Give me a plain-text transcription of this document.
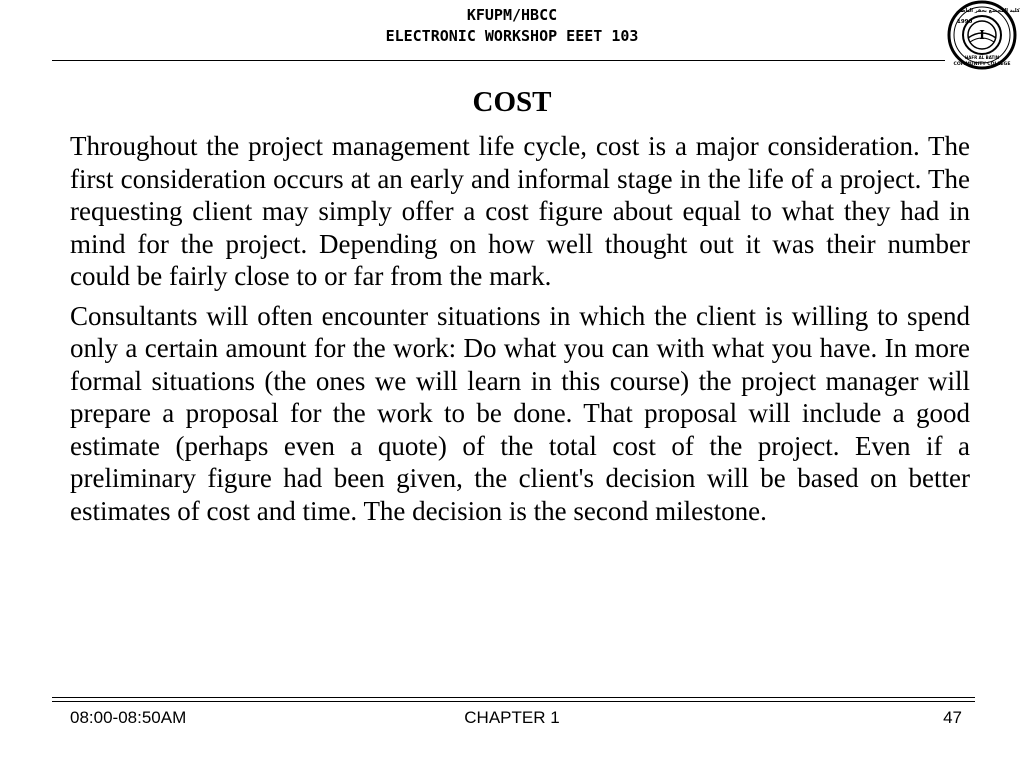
KFUPM/HBCC
ELECTRONIC WORKSHOP EEET 103	I
1990
كلية المجتمع بحفر الباطن
HAFR AL BATIN
COMMUNITY COLLEGE
COST

Throughout the project management life cycle, cost is a major consideration. The first consideration occurs at an early and informal stage in the life of a project. The requesting client may simply offer a cost figure about equal to what they had in mind for the project. Depending on how well thought out it was their number could be fairly close to or far from the mark.

Consultants will often encounter situations in which the client is willing to spend only a certain amount for the work: Do what you can with what you have. In more formal situations (the ones we will learn in this course) the project manager will prepare a proposal for the work to be done. That proposal will include a good estimate (perhaps even a quote) of the total cost of the project. Even if a preliminary figure had been given, the client's decision will be based on better estimates of cost and time. The decision is the second milestone.

08:00-08:50AM	CHAPTER 1	47
